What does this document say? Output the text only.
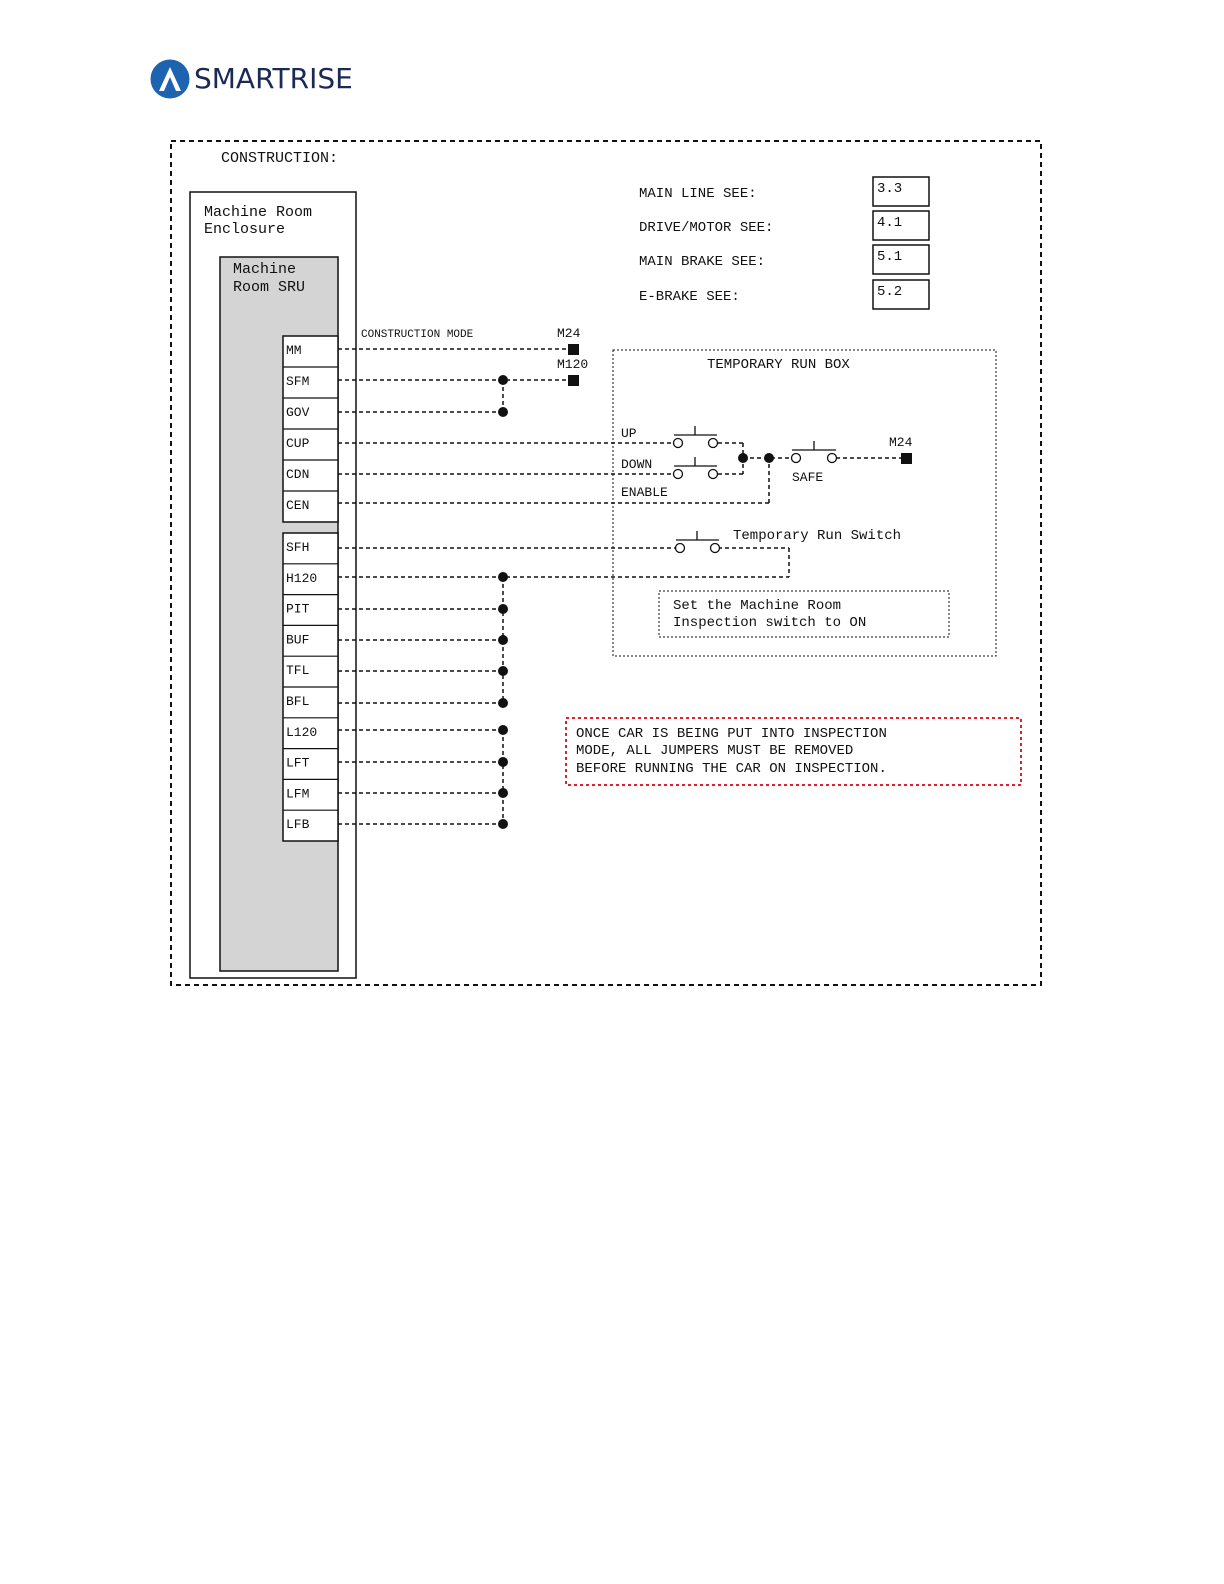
SMARTRISE
CONSTRUCTION:
Machine Room
Enclosure
Machine
Room SRU
MM
SFM
GOV
CUP
CDN
CEN
SFH
H120
PIT
BUF
TFL
BFL
L120
LFT
LFM
LFB
MAIN LINE SEE:	3.3
DRIVE/MOTOR SEE:	4.1
MAIN BRAKE SEE:	5.1
E-BRAKE SEE:	5.2
CONSTRUCTION MODE	M24
M120	TEMPORARY RUN BOX
UP
DOWN
ENABLE
SAFE
M24
Temporary Run Switch
Set the Machine Room
Inspection switch to ON
ONCE CAR IS BEING PUT INTO INSPECTION
MODE, ALL JUMPERS MUST BE REMOVED
BEFORE RUNNING THE CAR ON INSPECTION.
